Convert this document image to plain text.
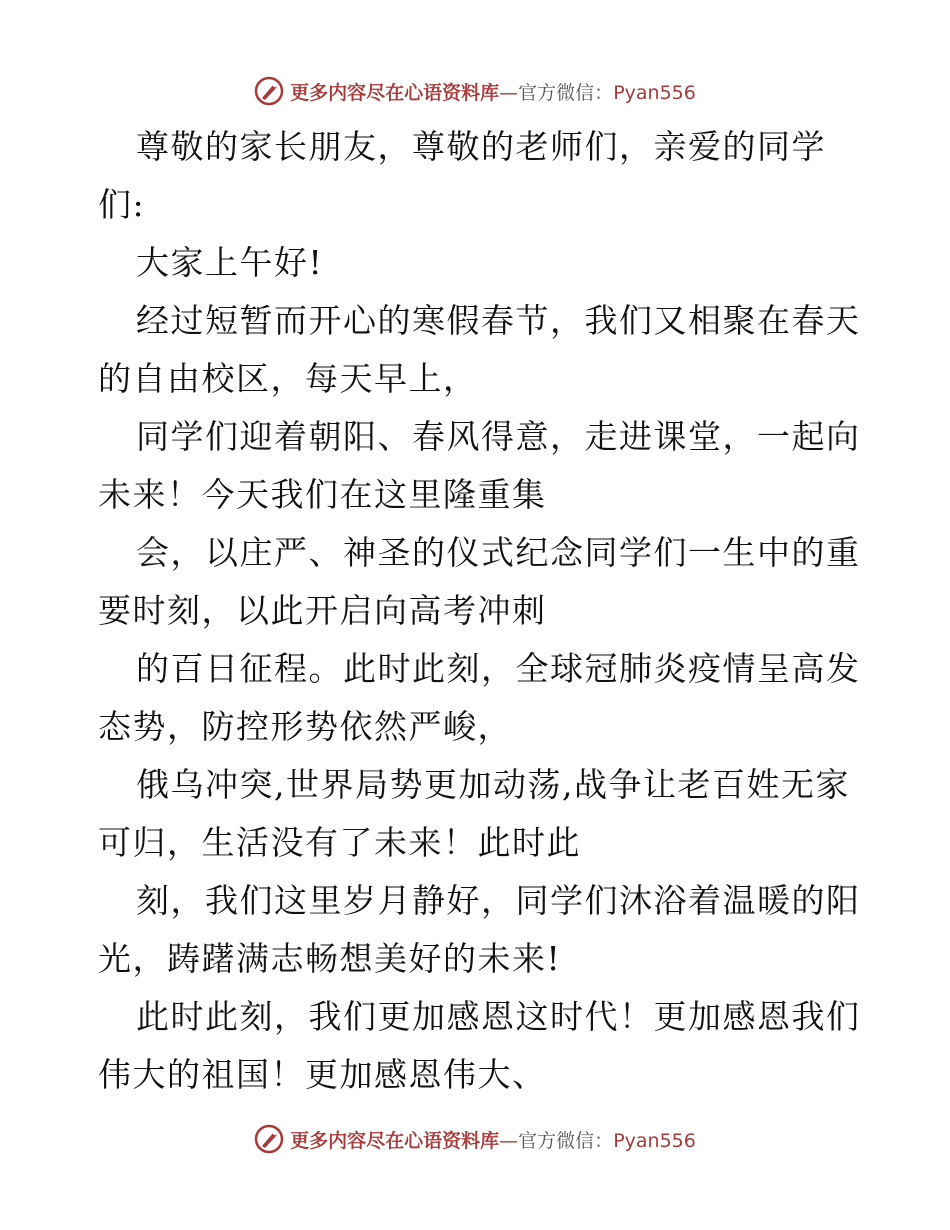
更多内容尽在心语资料库—官方微信：Pyan556
尊敬的家长朋友，尊敬的老师们，亲爱的同学
们:
大家上午好!
经过短暂而开心的寒假春节，我们又相聚在春天
的自由校区，每天早上，
同学们迎着朝阳、春风得意，走进课堂，一起向
未来！今天我们在这里隆重集
会，以庄严、神圣的仪式纪念同学们一生中的重
要时刻，以此开启向高考冲刺
的百日征程。此时此刻，全球冠肺炎疫情呈高发
态势，防控形势依然严峻，
俄乌冲突,世界局势更加动荡,战争让老百姓无家
可归，生活没有了未来！此时此
刻，我们这里岁月静好，同学们沐浴着温暖的阳
光，踌躇满志畅想美好的未来!
此时此刻，我们更加感恩这时代！更加感恩我们
伟大的祖国！更加感恩伟大、
更多内容尽在心语资料库—官方微信：Pyan556
